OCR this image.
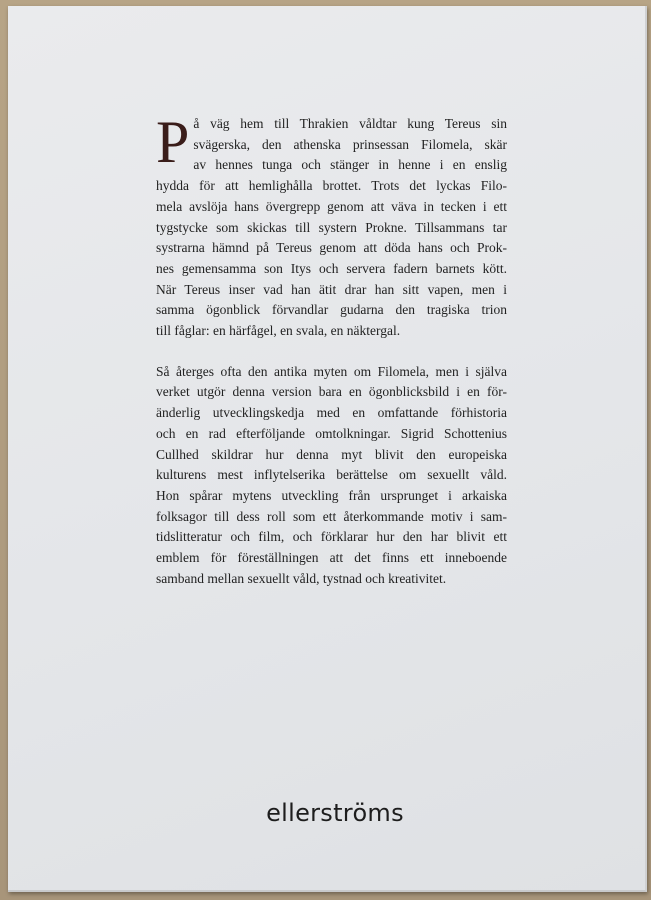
P å väg hem till Thrakien våldtar kung Tereus sin
svägerska, den athenska prinsessan Filomela, skär
av hennes tunga och stänger in henne i en enslig
hydda för att hemlighålla brottet. Trots det lyckas Filo-
mela avslöja hans övergrepp genom att väva in tecken i ett
tygstycke som skickas till systern Prokne. Tillsammans tar
systrarna hämnd på Tereus genom att döda hans och Prok-
nes gemensamma son Itys och servera fadern barnets kött.
När Tereus inser vad han ätit drar han sitt vapen, men i
samma ögonblick förvandlar gudarna den tragiska trion
till fåglar: en härfågel, en svala, en näktergal.

Så återges ofta den antika myten om Filomela, men i själva
verket utgör denna version bara en ögonblicksbild i en för-
änderlig utvecklingskedja med en omfattande förhistoria
och en rad efterföljande omtolkningar. Sigrid Schottenius
Cullhed skildrar hur denna myt blivit den europeiska
kulturens mest inflytelserika berättelse om sexuellt våld.
Hon spårar mytens utveckling från ursprunget i arkaiska
folksagor till dess roll som ett återkommande motiv i sam-
tidslitteratur och film, och förklarar hur den har blivit ett
emblem för föreställningen att det finns ett inneboende
samband mellan sexuellt våld, tystnad och kreativitet.

ellerströms
